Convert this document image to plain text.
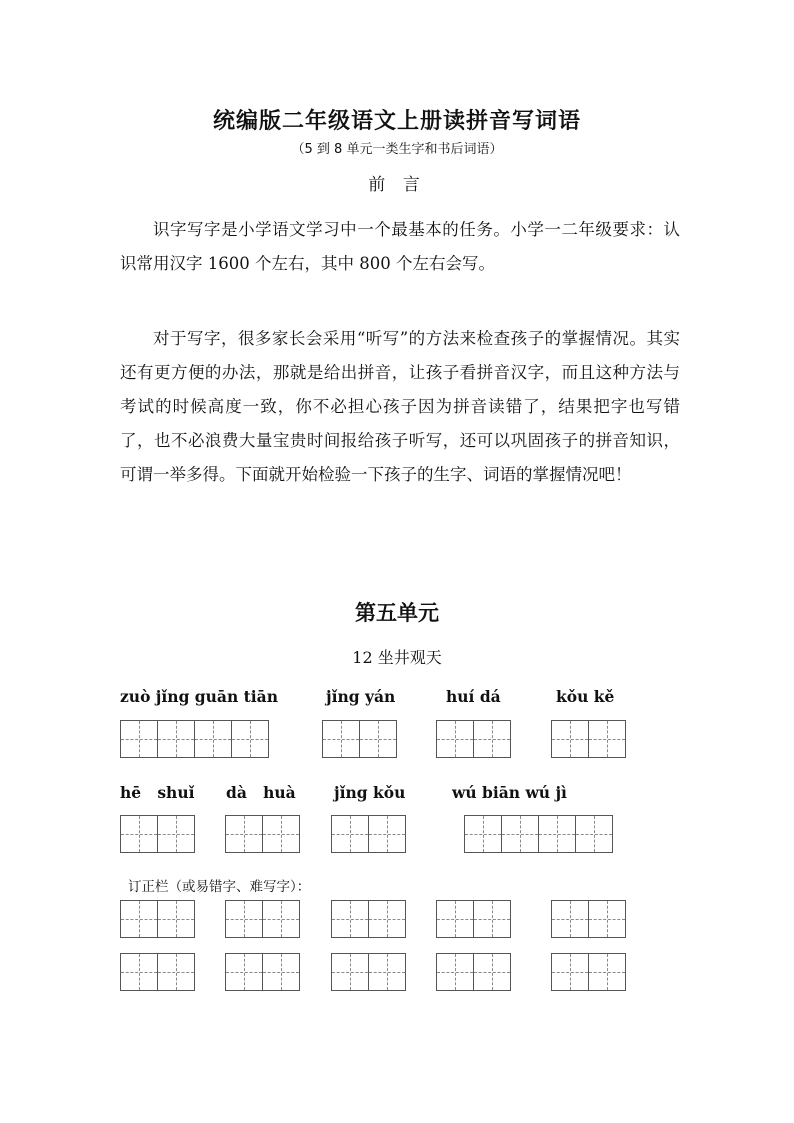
统编版二年级语文上册读拼音写词语
（5 到 8 单元一类生字和书后词语）
前 言
识字写字是小学语文学习中一个最基本的任务。小学一二年级要求：认识常用汉字 1600 个左右，其中 800 个左右会写。
对于写字，很多家长会采用“听写”的方法来检查孩子的掌握情况。其实还有更方便的办法，那就是给出拼音，让孩子看拼音汉字，而且这种方法与考试的时候高度一致，你不必担心孩子因为拼音读错了，结果把字也写错了，也不必浪费大量宝贵时间报给孩子听写，还可以巩固孩子的拼音知识，可谓一举多得。下面就开始检验一下孩子的生字、词语的掌握情况吧！
第五单元
12 坐井观天
zuò jǐng guān tiān	jǐng yán	huí dá	kǒu kě
hē   shuǐ dà   huà jǐng kǒu	wú biān wú jì
订正栏（或易错字、难写字）：
